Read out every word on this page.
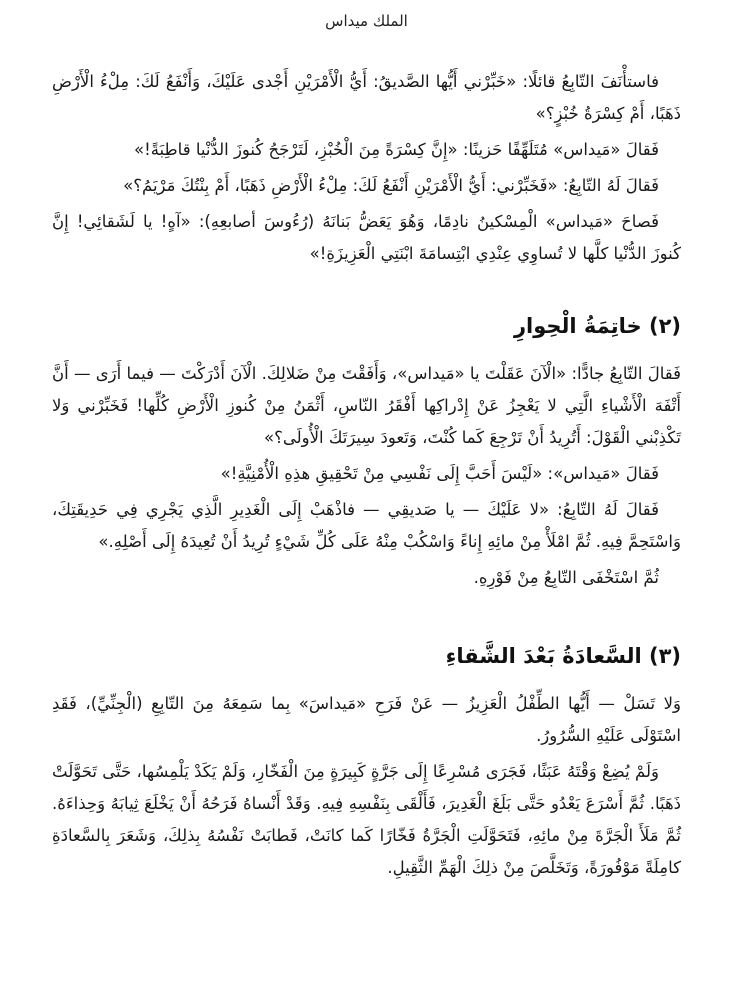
الملك ميداس

فاستأْنَفَ التّابِعُ قائلًا: «خَبِّرْني أَيُّها الصَّديقُ: أَيُّ الْأَمْرَيْنِ أَجْدى عَلَيْكَ، وَأَنْفَعُ لَكَ: مِلْءُ الْأَرْضِ ذَهَبًا، أَمْ كِسْرَةُ خُبْزٍ؟»

فَقالَ «مَيداس» مُتَلَهِّفًا حَزينًا: «إِنَّ كِسْرَةً مِنَ الْخُبْزِ، لَتَرْجَحُ كُنوزَ الدُّنْيا قاطِبَةً!»

فَقالَ لَهُ التّابِعُ: «فَخَبِّرْني: أَيُّ الْأَمْرَيْنِ أَنْفَعُ لَكَ: مِلْءُ الْأَرْضِ ذَهَبًا، أَمْ بِنْتُكَ مَرْيَمُ؟»

فَصاحَ «مَيداس» الْمِسْكينُ نادِمًا، وَهُوَ يَعَضُّ بَنانَهُ (رُءُوسَ أصابعِهِ): «آهٍ! يا لَشَقائِي! إِنَّ كُنوزَ الدُّنْيا كلَّها لا تُساوِي عِنْدِي ابْتِسامَةَ ابْنَتِي الْعَزِيزَةِ!»

(٢) خاتِمَةُ الْحِوارِ

فَقالَ التّابِعُ جادًّا: «الْآنَ عَقَلْتَ يا «مَيداس»، وَأَفَقْتَ مِنْ ضَلالِكَ. الْآنَ أَدْرَكْتَ — فيما أَرَى — أَنَّ أَتْفَهَ الْأَشْياءِ الَّتِي لا يَعْجِزُ عَنْ إِدْراكِها أَفْقَرُ النّاسِ، أَثْمَنُ مِنْ كُنوزِ الْأَرْضِ كُلِّها! فَخَبِّرْني وَلا تَكْذِبْني الْقَوْلَ: أَتُرِيدُ أَنْ تَرْجِعَ كَما كُنْتَ، وَتَعودَ سِيرَتَكَ الْأُولَى؟»

فَقالَ «مَيداس»: «لَيْسَ أَحَبَّ إِلَى نَفْسِي مِنْ تَحْقِيقِ هذِهِ الْأُمْنِيَّةِ!»

فَقالَ لَهُ التّابِعُ: «لا عَلَيْكَ — يا صَديقِي — فاذْهَبْ إِلَى الْغَدِيرِ الَّذِي يَجْرِي فِي حَدِيقَتِكَ، وَاسْتَحِمَّ فِيهِ. ثُمَّ امْلَأْ مِنْ مائِهِ إِناءً وَاسْكُبْ مِنْهُ عَلَى كُلِّ شَيْءٍ تُرِيدُ أَنْ تُعِيدَهُ إِلَى أَصْلِهِ.»

ثُمَّ اسْتَخْفَى التّابِعُ مِنْ فَوْرِهِ.

(٣) السَّعادَةُ بَعْدَ الشَّقاءِ

وَلا تَسَلْ — أَيُّها الطِّفْلُ الْعَزِيزُ — عَنْ فَرَحِ «مَيداسَ» بِما سَمِعَهُ مِنَ التّابِعِ (الْجِنِّيِّ)، فَقَدِ اسْتَوْلَى عَلَيْهِ السُّرُورُ.

وَلَمْ يُضِعْ وَقْتَهُ عَبَثًا، فَجَرَى مُسْرِعًا إِلَى جَرَّةٍ كَبِيرَةٍ مِنَ الْفَخّارِ، وَلَمْ يَكَدْ يَلْمِسُها، حَتَّى تَحَوَّلَتْ ذَهَبًا. ثُمَّ أَسْرَعَ يَعْدُو حَتَّى بَلَغَ الْغَدِيرَ، فَأَلْقَى بِنَفْسِهِ فِيهِ. وَقَدْ أَنْساهُ فَرَحُهُ أَنْ يَخْلَعَ ثِيابَهُ وَحِذاءَهُ. ثُمَّ مَلَأَ الْجَرَّةَ مِنْ مائِهِ، فَتَحَوَّلَتِ الْجَرَّةُ فَخّارًا كَما كانَتْ، فَطابَتْ نَفْسُهُ بِذلِكَ، وَشَعَرَ بِالسَّعادَةِ كامِلَةً مَوْفُورَةً، وَتَخَلَّصَ مِنْ ذلِكَ الْهَمِّ الثَّقِيلِ.
